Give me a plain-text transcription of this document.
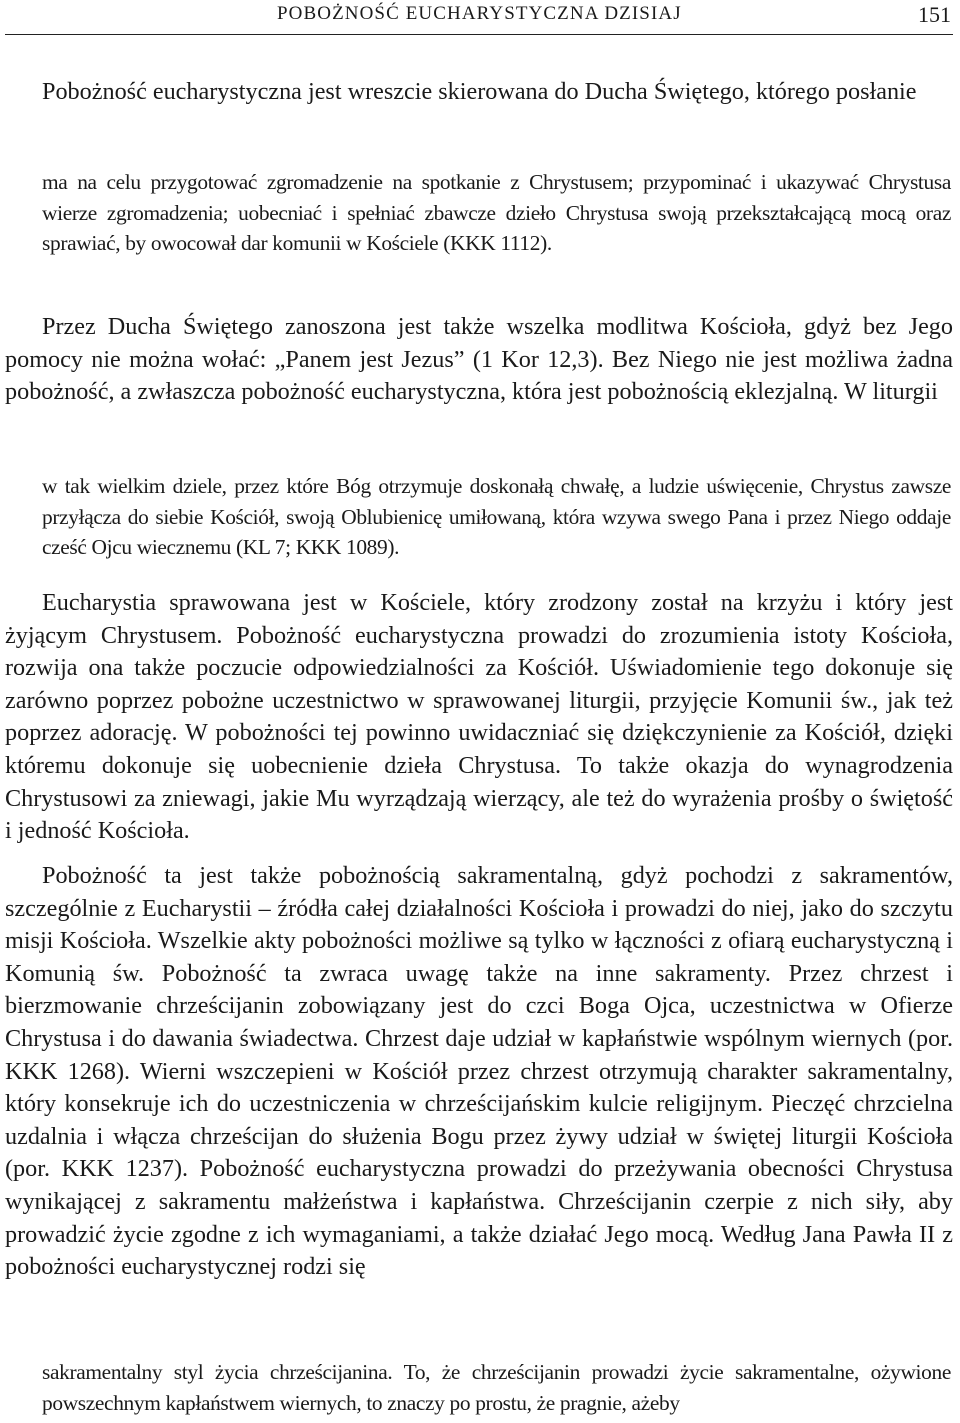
POBOŻNOŚĆ EUCHARYSTYCZNA DZISIAJ	151

Pobożność eucharystyczna jest wreszcie skierowana do Ducha Świętego, którego posłanie

ma na celu przygotować zgromadzenie na spotkanie z Chrystusem; przypominać i ukazywać Chrystusa wierze zgromadzenia; uobecniać i spełniać zbawcze dzieło Chrystusa swoją przekształcającą mocą oraz sprawiać, by owocował dar komunii w Kościele (KKK 1112).

Przez Ducha Świętego zanoszona jest także wszelka modlitwa Kościoła, gdyż bez Jego pomocy nie można wołać: „Panem jest Jezus” (1 Kor 12,3). Bez Niego nie jest możliwa żadna pobożność, a zwłaszcza pobożność eucharystyczna, która jest pobożnością eklezjalną. W liturgii

w tak wielkim dziele, przez które Bóg otrzymuje doskonałą chwałę, a ludzie uświęcenie, Chrystus zawsze przyłącza do siebie Kościół, swoją Oblubienicę umiłowaną, która wzywa swego Pana i przez Niego oddaje cześć Ojcu wiecznemu (KL 7; KKK 1089).

Eucharystia sprawowana jest w Kościele, który zrodzony został na krzyżu i który jest żyjącym Chrystusem. Pobożność eucharystyczna prowadzi do zrozumienia istoty Kościoła, rozwija ona także poczucie odpowiedzialności za Kościół. Uświadomienie tego dokonuje się zarówno poprzez pobożne uczestnictwo w sprawowanej liturgii, przyjęcie Komunii św., jak też poprzez adorację. W pobożności tej powinno uwidaczniać się dziękczynienie za Kościół, dzięki któremu dokonuje się uobecnienie dzieła Chrystusa. To także okazja do wynagrodzenia Chrystusowi za zniewagi, jakie Mu wyrządzają wierzący, ale też do wyrażenia prośby o świętość i jedność Kościoła.

Pobożność ta jest także pobożnością sakramentalną, gdyż pochodzi z sakramentów, szczególnie z Eucharystii – źródła całej działalności Kościoła i prowadzi do niej, jako do szczytu misji Kościoła. Wszelkie akty pobożności możliwe są tylko w łączności z ofiarą eucharystyczną i Komunią św. Pobożność ta zwraca uwagę także na inne sakramenty. Przez chrzest i bierzmowanie chrześcijanin zobowiązany jest do czci Boga Ojca, uczestnictwa w Ofierze Chrystusa i do dawania świadectwa. Chrzest daje udział w kapłaństwie wspólnym wiernych (por. KKK 1268). Wierni wszczepieni w Kościół przez chrzest otrzymują charakter sakramentalny, który konsekruje ich do uczestniczenia w chrześcijańskim kulcie religijnym. Pieczęć chrzcielna uzdalnia i włącza chrześcijan do służenia Bogu przez żywy udział w świętej liturgii Kościoła (por. KKK 1237). Pobożność eucharystyczna prowadzi do przeżywania obecności Chrystusa wynikającej z sakramentu małżeństwa i kapłaństwa. Chrześcijanin czerpie z nich siły, aby prowadzić życie zgodne z ich wymaganiami, a także działać Jego mocą. Według Jana Pawła II z pobożności eucharystycznej rodzi się

sakramentalny styl życia chrześcijanina. To, że chrześcijanin prowadzi życie sakramentalne, ożywione powszechnym kapłaństwem wiernych, to znaczy po prostu, że pragnie, ażeby
